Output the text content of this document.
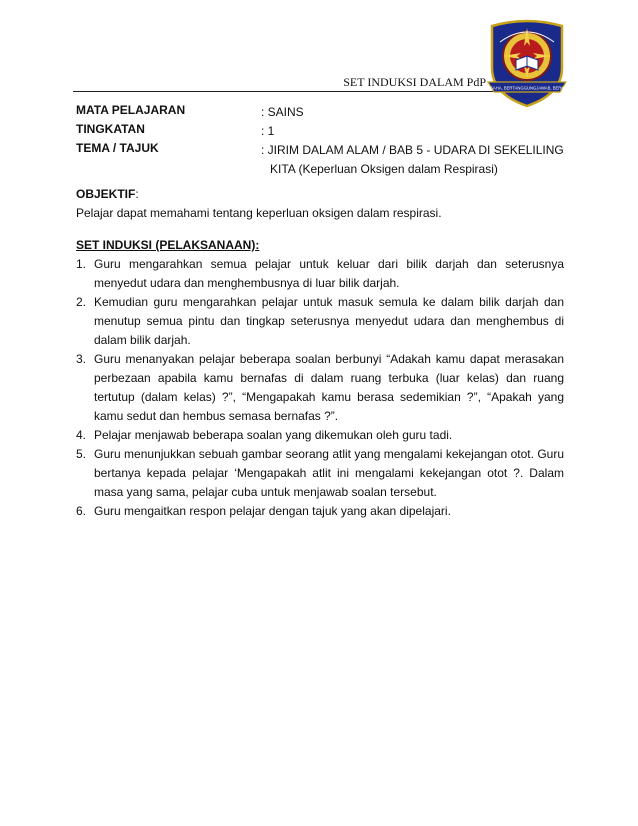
SET INDUKSI DALAM PdP
BERUSAHA, BERTANGGUNGJAWAB, BERKESAN
MATA PELAJARAN	: SAINS
TINGKATAN	: 1
TEMA / TAJUK	: JIRIM DALAM ALAM / BAB 5 - UDARA DI SEKELILING
KITA (Keperluan Oksigen dalam Respirasi)
OBJEKTIF:
Pelajar dapat memahami tentang keperluan oksigen dalam respirasi.
SET INDUKSI (PELAKSANAAN):
1. Guru mengarahkan semua pelajar untuk keluar dari bilik darjah dan seterusnya menyedut udara dan menghembusnya di luar bilik darjah.
2. Kemudian guru mengarahkan pelajar untuk masuk semula ke dalam bilik darjah dan menutup semua pintu dan tingkap seterusnya menyedut udara dan menghembus di dalam bilik darjah.
3. Guru menanyakan pelajar beberapa soalan berbunyi “Adakah kamu dapat merasakan perbezaan apabila kamu bernafas di dalam ruang terbuka (luar kelas) dan ruang tertutup (dalam kelas) ?”, “Mengapakah kamu berasa sedemikian ?”, “Apakah yang kamu sedut dan hembus semasa bernafas ?”.
4. Pelajar menjawab beberapa soalan yang dikemukan oleh guru tadi.
5. Guru menunjukkan sebuah gambar seorang atlit yang mengalami kekejangan otot. Guru bertanya kepada pelajar ‘Mengapakah atlit ini mengalami kekejangan otot ?. Dalam masa yang sama, pelajar cuba untuk menjawab soalan tersebut.
6. Guru mengaitkan respon pelajar dengan tajuk yang akan dipelajari.
